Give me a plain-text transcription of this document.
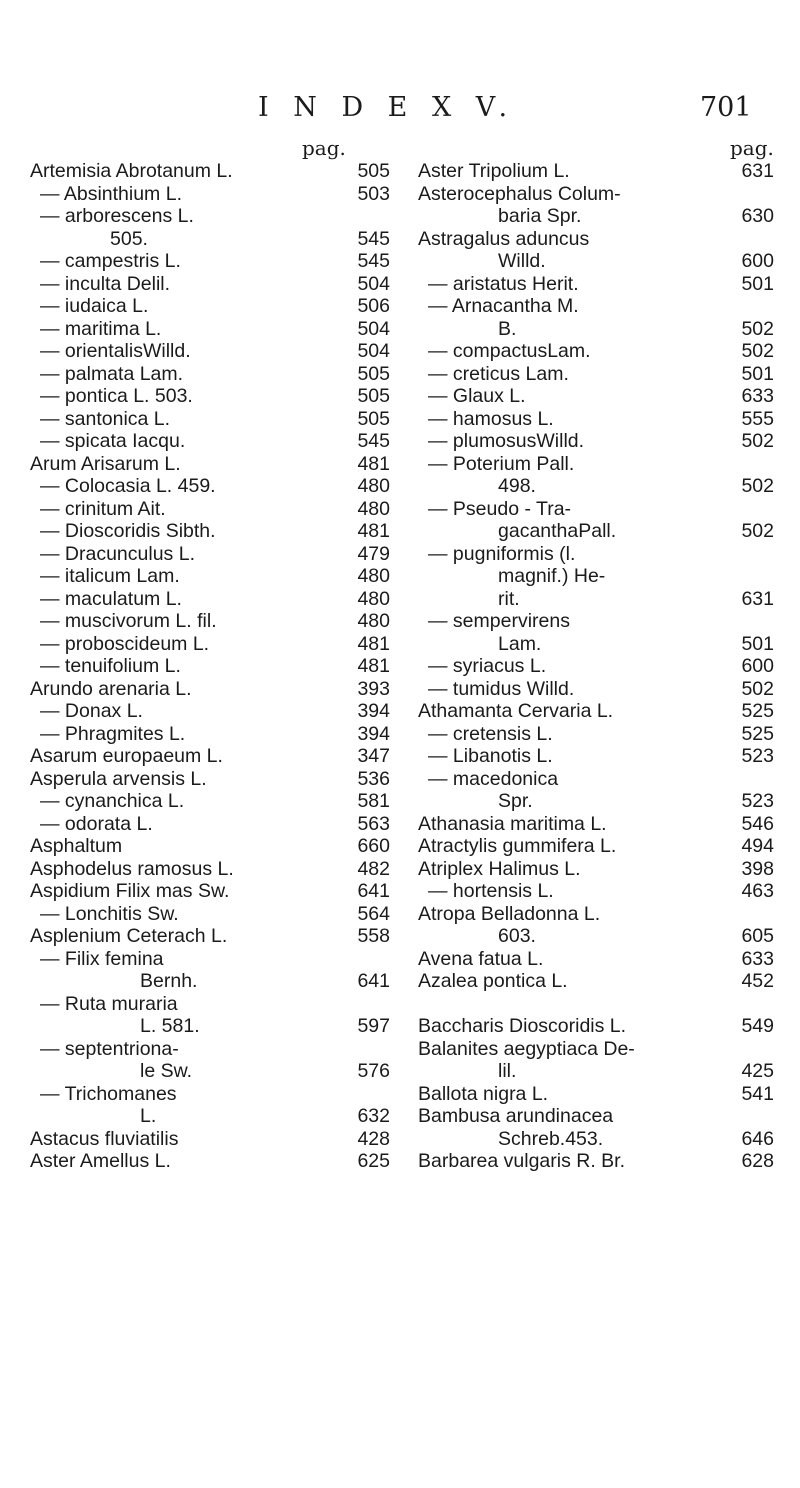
I N D E X V.	701
pag.	pag.
Artemisia Abrotanum L.	505
— Absinthium L.	503
— arborescens L.
505.	545
— campestris L.	545
— inculta Delil.	504
— iudaica L.	506
— maritima L.	504
— orientalisWilld.	504
— palmata Lam.	505
— pontica L. 503.	505
— santonica L.	505
— spicata Iacqu.	545
Arum Arisarum L.	481
— Colocasia L. 459.	480
— crinitum Ait.	480
— Dioscoridis Sibth.	481
— Dracunculus L.	479
— italicum Lam.	480
— maculatum L.	480
— muscivorum L. fil.	480
— proboscideum L.	481
— tenuifolium L.	481
Arundo arenaria L.	393
— Donax L.	394
— Phragmites L.	394
Asarum europaeum L.	347
Asperula arvensis L.	536
— cynanchica L.	581
— odorata L.	563
Asphaltum	660
Asphodelus ramosus L.	482
Aspidium Filix mas Sw.	641
— Lonchitis Sw.	564
Asplenium Ceterach L.	558
— Filix femina
Bernh.	641
— Ruta muraria
L. 581.	597
— septentriona-
le Sw.	576
— Trichomanes
L.	632
Astacus fluviatilis	428
Aster Amellus L.	625
Aster Tripolium L.	631
Asterocephalus Colum-
baria Spr.	630
Astragalus aduncus
Willd.	600
— aristatus Herit.	501
— Arnacantha M.
B.	502
— compactusLam.	502
— creticus Lam.	501
— Glaux L.	633
— hamosus L.	555
— plumosusWilld.	502
— Poterium Pall.
498.	502
— Pseudo - Tra-
gacanthaPall.	502
— pugniformis (l.
magnif.) He-
rit.	631
— sempervirens
Lam.	501
— syriacus L.	600
— tumidus Willd.	502
Athamanta Cervaria L.	525
— cretensis L.	525
— Libanotis L.	523
— macedonica
Spr.	523
Athanasia maritima L.	546
Atractylis gummifera L.	494
Atriplex Halimus L.	398
— hortensis L.	463
Atropa Belladonna L.
603.	605
Avena fatua L.	633
Azalea pontica L.	452
Baccharis Dioscoridis L.	549
Balanites aegyptiaca De-
lil.	425
Ballota nigra L.	541
Bambusa arundinacea
Schreb.453.	646
Barbarea vulgaris R. Br.	628
